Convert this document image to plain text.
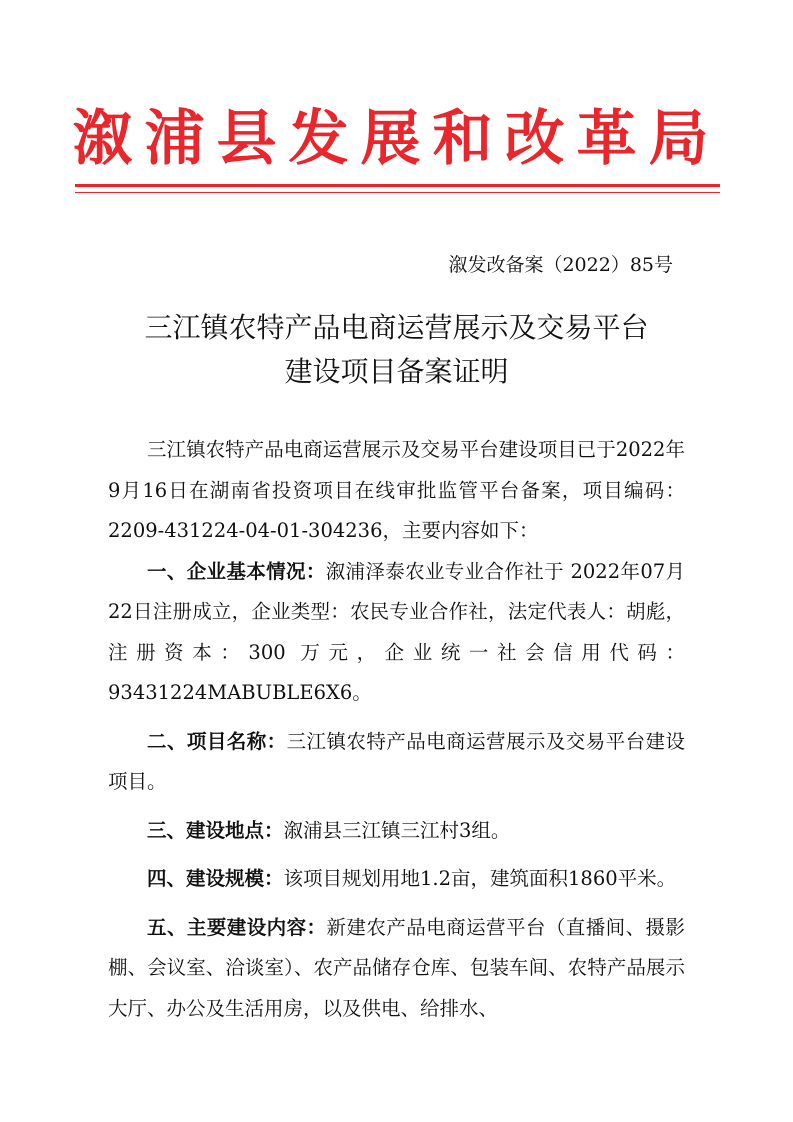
溆浦县发展和改革局
溆发改备案（2022）85号
三江镇农特产品电商运营展示及交易平台
建设项目备案证明

三江镇农特产品电商运营展示及交易平台建设项目已于2022年9月16日在湖南省投资项目在线审批监管平台备案，项目编码：2209-431224-04-01-304236，主要内容如下：

一、企业基本情况：溆浦泽泰农业专业合作社于 2022年07月22日注册成立，企业类型：农民专业合作社，法定代表人：胡彪，注册资本：300 万元，企业统一社会信用代码：93431224MABUBLE6X6。

二、项目名称：三江镇农特产品电商运营展示及交易平台建设项目。

三、建设地点：溆浦县三江镇三江村3组。

四、建设规模：该项目规划用地1.2亩，建筑面积1860平米。

五、主要建设内容：新建农产品电商运营平台（直播间、摄影棚、会议室、洽谈室）、农产品储存仓库、包装车间、农特产品展示大厅、办公及生活用房，以及供电、给排水、
